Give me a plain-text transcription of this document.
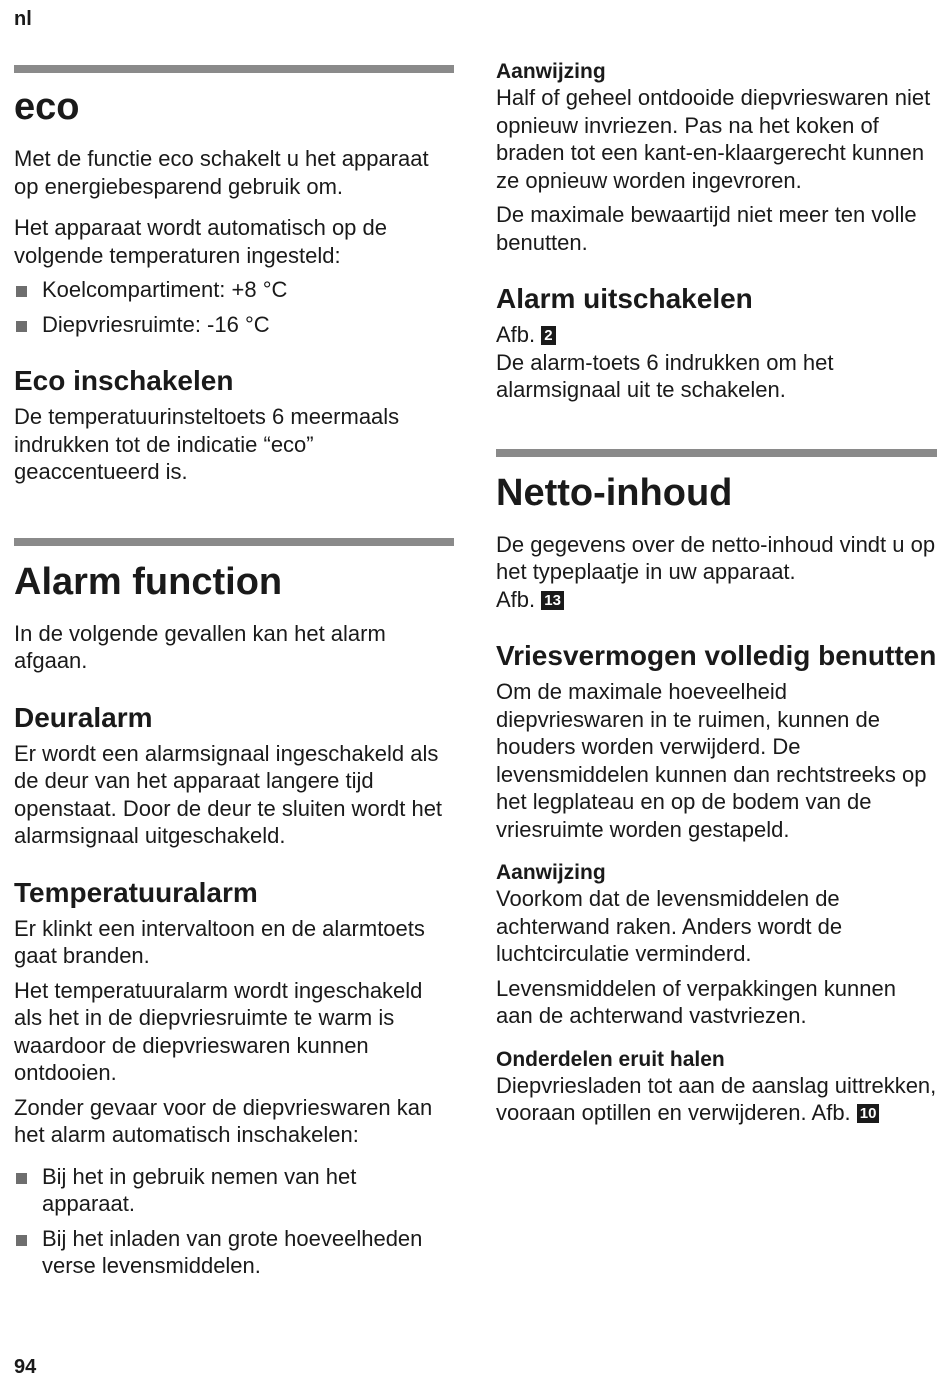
nl
eco

Met de functie eco schakelt u het apparaat op energiebesparend gebruik om.

Het apparaat wordt automatisch op de volgende temperaturen ingesteld:

Koelcompartiment: +8 °C
Diepvriesruimte: -16 °C
Eco inschakelen

De temperatuurinsteltoets 6 meermaals indrukken tot de indicatie “eco” geaccentueerd is.

Alarm function

In de volgende gevallen kan het alarm afgaan.

Deuralarm

Er wordt een alarmsignaal ingeschakeld als de deur van het apparaat langere tijd openstaat. Door de deur te sluiten wordt het alarmsignaal uitgeschakeld.

Temperatuuralarm

Er klinkt een intervaltoon en de alarmtoets gaat branden.

Het temperatuuralarm wordt ingeschakeld als het in de diepvriesruimte te warm is waardoor de diepvrieswaren kunnen ontdooien.

Zonder gevaar voor de diepvrieswaren kan het alarm automatisch inschakelen:

Bij het in gebruik nemen van het apparaat.
Bij het inladen van grote hoeveelheden verse levensmiddelen.
Aanwijzing

Half of geheel ontdooide diepvrieswaren niet opnieuw invriezen. Pas na het koken of braden tot een kant-en-klaargerecht kunnen ze opnieuw worden ingevroren.

De maximale bewaartijd niet meer ten volle benutten.

Alarm uitschakelen

Afb. 2

De alarm-toets 6 indrukken om het alarmsignaal uit te schakelen.

Netto-inhoud

De gegevens over de netto-inhoud vindt u op het typeplaatje in uw apparaat.
Afb. 13

Vriesvermogen volledig benutten

Om de maximale hoeveelheid diepvrieswaren in te ruimen, kunnen de houders worden verwijderd. De levensmiddelen kunnen dan rechtstreeks op het legplateau en op de bodem van de vriesruimte worden gestapeld.

Aanwijzing

Voorkom dat de levensmiddelen de achterwand raken. Anders wordt de luchtcirculatie verminderd.

Levensmiddelen of verpakkingen kunnen aan de achterwand vastvriezen.

Onderdelen eruit halen

Diepvriesladen tot aan de aanslag uittrekken, vooraan optillen en verwijderen. Afb. 10

94
